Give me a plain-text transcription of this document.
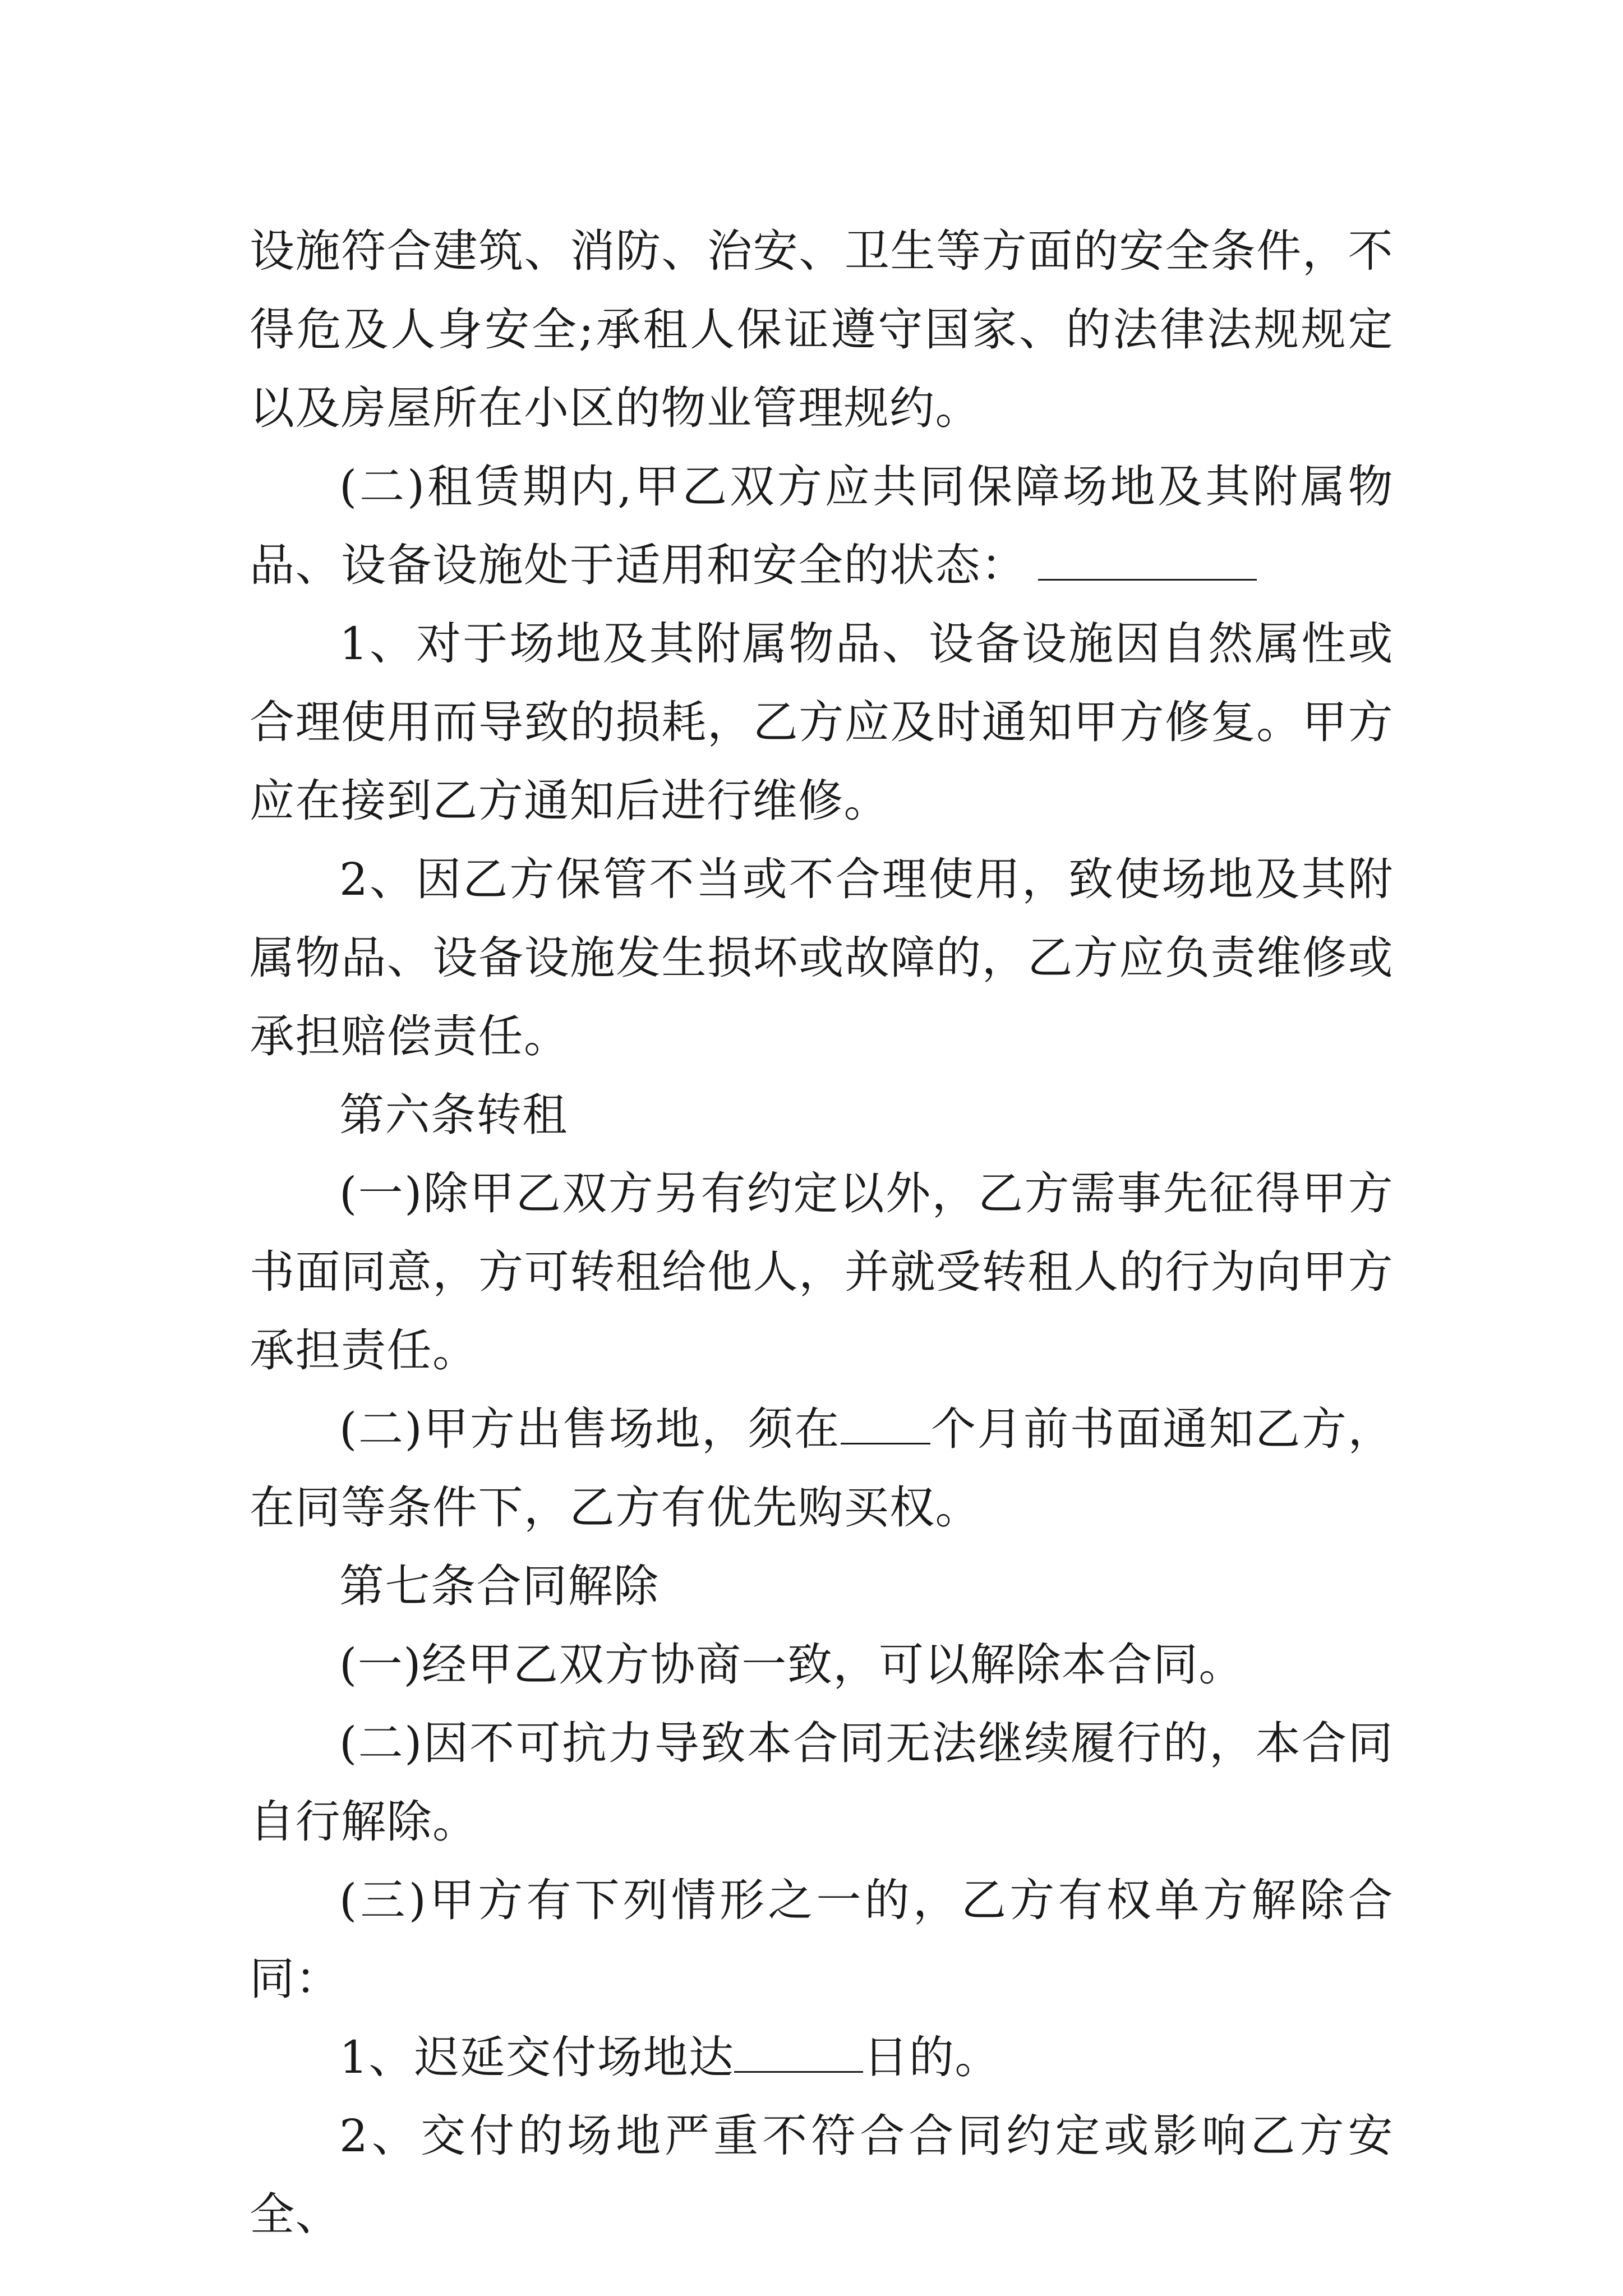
设施符合建筑、消防、治安、卫生等方面的安全条件，不得危及人身安全;承租人保证遵守国家、的法律法规规定以及房屋所在小区的物业管理规约。

(二)租赁期内,甲乙双方应共同保障场地及其附属物品、设备设施处于适用和安全的状态：

1、对于场地及其附属物品、设备设施因自然属性或合理使用而导致的损耗，乙方应及时通知甲方修复。甲方应在接到乙方通知后进行维修。

2、因乙方保管不当或不合理使用，致使场地及其附属物品、设备设施发生损坏或故障的，乙方应负责维修或承担赔偿责任。

第六条转租

(一)除甲乙双方另有约定以外，乙方需事先征得甲方书面同意，方可转租给他人，并就受转租人的行为向甲方承担责任。

(二)甲方出售场地，须在 个月前书面通知乙方，在同等条件下，乙方有优先购买权。

第七条合同解除

(一)经甲乙双方协商一致，可以解除本合同。

(二)因不可抗力导致本合同无法继续履行的，本合同自行解除。

(三)甲方有下列情形之一的，乙方有权单方解除合同：

1、迟延交付场地达	日的。

2、交付的场地严重不符合合同约定或影响乙方安全、
